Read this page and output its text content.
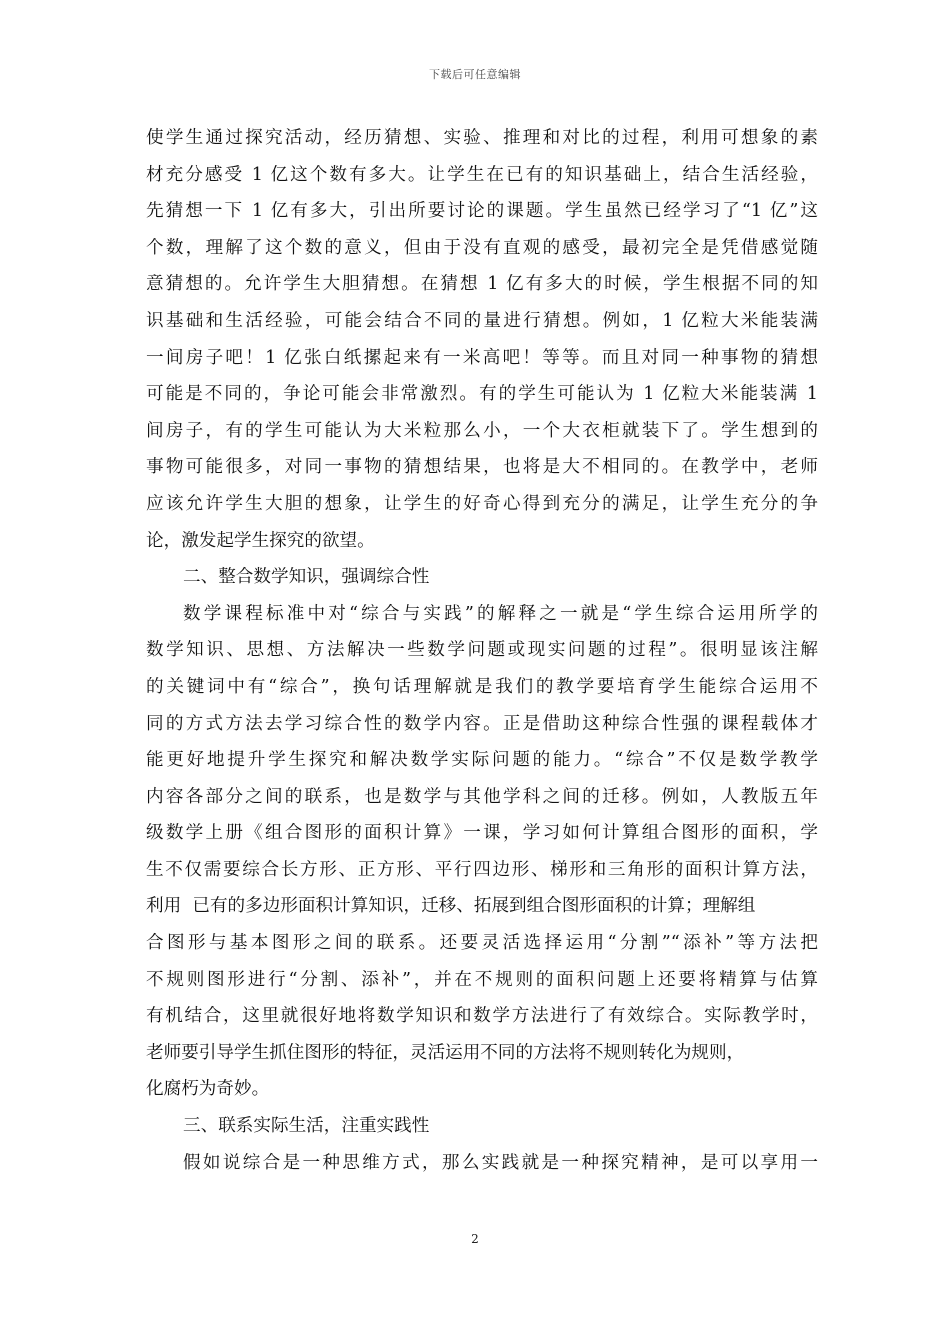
下载后可任意编辑
使学生通过探究活动，经历猜想、实验、推理和对比的过程，利用可想象的素
材充分感受 1 亿这个数有多大。让学生在已有的知识基础上，结合生活经验，
先猜想一下 1 亿有多大，引出所要讨论的课题。学生虽然已经学习了“1 亿”这
个数，理解了这个数的意义，但由于没有直观的感受，最初完全是凭借感觉随
意猜想的。允许学生大胆猜想。在猜想 1 亿有多大的时候，学生根据不同的知
识基础和生活经验，可能会结合不同的量进行猜想。例如，1 亿粒大米能装满
一间房子吧！1 亿张白纸摞起来有一米高吧！等等。而且对同一种事物的猜想
可能是不同的，争论可能会非常激烈。有的学生可能认为 1 亿粒大米能装满 1
间房子，有的学生可能认为大米粒那么小，一个大衣柜就装下了。学生想到的
事物可能很多，对同一事物的猜想结果，也将是大不相同的。在教学中，老师
应该允许学生大胆的想象，让学生的好奇心得到充分的满足，让学生充分的争
论，激发起学生探究的欲望。
二、整合数学知识，强调综合性
数学课程标准中对“综合与实践”的解释之一就是“学生综合运用所学的
数学知识、思想、方法解决一些数学问题或现实问题的过程”。很明显该注解
的关键词中有“综合”，换句话理解就是我们的教学要培育学生能综合运用不
同的方式方法去学习综合性的数学内容。正是借助这种综合性强的课程载体才
能更好地提升学生探究和解决数学实际问题的能力。“综合”不仅是数学教学
内容各部分之间的联系，也是数学与其他学科之间的迁移。例如，人教版五年
级数学上册《组合图形的面积计算》一课，学习如何计算组合图形的面积，学
生不仅需要综合长方形、正方形、平行四边形、梯形和三角形的面积计算方法，
利用  已有的多边形面积计算知识，迁移、拓展到组合图形面积的计算；理解组
合图形与基本图形之间的联系。还要灵活选择运用“分割”“添补”等方法把
不规则图形进行“分割、添补”，并在不规则的面积问题上还要将精算与估算
有机结合，这里就很好地将数学知识和数学方法进行了有效综合。实际教学时，
老师要引导学生抓住图形的特征，灵活运用不同的方法将不规则转化为规则，
化腐朽为奇妙。
三、联系实际生活，注重实践性
假如说综合是一种思维方式，那么实践就是一种探究精神，是可以享用一
2
